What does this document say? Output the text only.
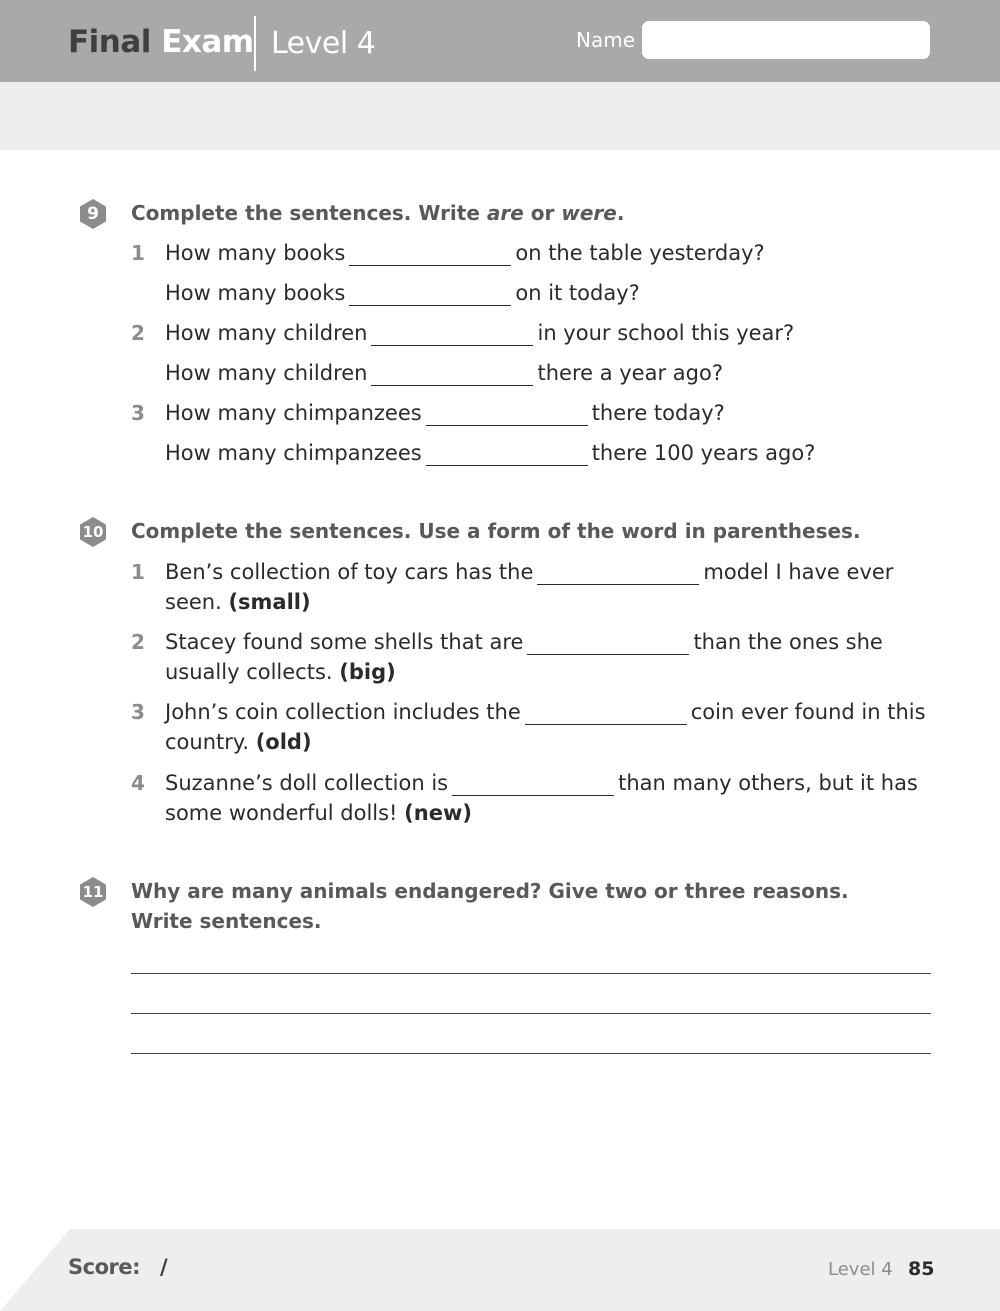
Final Exam Level 4	Name
9	Complete the sentences. Write are or were.
1 How many books	on the table yesterday?
How many books	on it today?
2 How many children	in your school this year?
How many children	there a year ago?
3 How many chimpanzees	there today?
How many chimpanzees	there 100 years ago?
10 Complete the sentences. Use a form of the word in parentheses.
1 Ben’s collection of toy cars has the	model I have ever
seen. (small)
2 Stacey found some shells that are	than the ones she
usually collects. (big)
3 John’s coin collection includes the	coin ever found in this
country. (old)
4 Suzanne’s doll collection is	than many others, but it has
some wonderful dolls! (new)
11 Why are many animals endangered? Give two or three reasons.
Write sentences.
Score: /	Level 4 85
